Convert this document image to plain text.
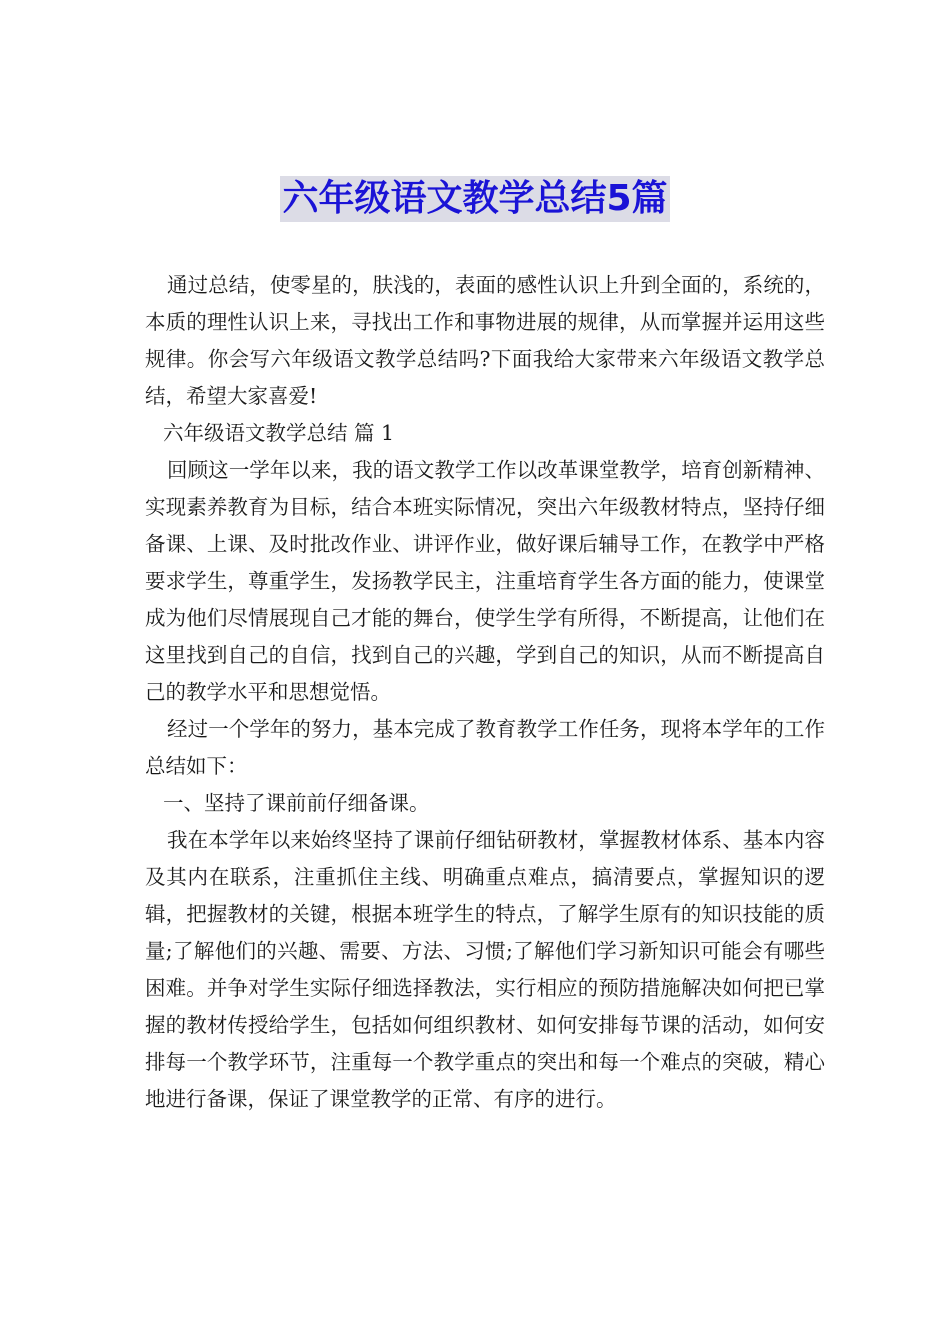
六年级语文教学总结5篇

通过总结，使零星的，肤浅的，表面的感性认识上升到全面的，系统的，本质的理性认识上来，寻找出工作和事物进展的规律，从而掌握并运用这些规律。你会写六年级语文教学总结吗?下面我给大家带来六年级语文教学总结，希望大家喜爱!

六年级语文教学总结 篇 1

回顾这一学年以来，我的语文教学工作以改革课堂教学，培育创新精神、实现素养教育为目标，结合本班实际情况，突出六年级教材特点，坚持仔细备课、上课、及时批改作业、讲评作业，做好课后辅导工作，在教学中严格要求学生，尊重学生，发扬教学民主，注重培育学生各方面的能力，使课堂成为他们尽情展现自己才能的舞台，使学生学有所得，不断提高，让他们在这里找到自己的自信，找到自己的兴趣，学到自己的知识，从而不断提高自己的教学水平和思想觉悟。

经过一个学年的努力，基本完成了教育教学工作任务，现将本学年的工作总结如下：

一、坚持了课前前仔细备课。

我在本学年以来始终坚持了课前仔细钻研教材，掌握教材体系、基本内容及其内在联系，注重抓住主线、明确重点难点，搞清要点，掌握知识的逻辑，把握教材的关键，根据本班学生的特点，了解学生原有的知识技能的质量;了解他们的兴趣、需要、方法、习惯;了解他们学习新知识可能会有哪些困难。并争对学生实际仔细选择教法，实行相应的预防措施解决如何把已掌握的教材传授给学生，包括如何组织教材、如何安排每节课的活动，如何安排每一个教学环节，注重每一个教学重点的突出和每一个难点的突破，精心地进行备课，保证了课堂教学的正常、有序的进行。
